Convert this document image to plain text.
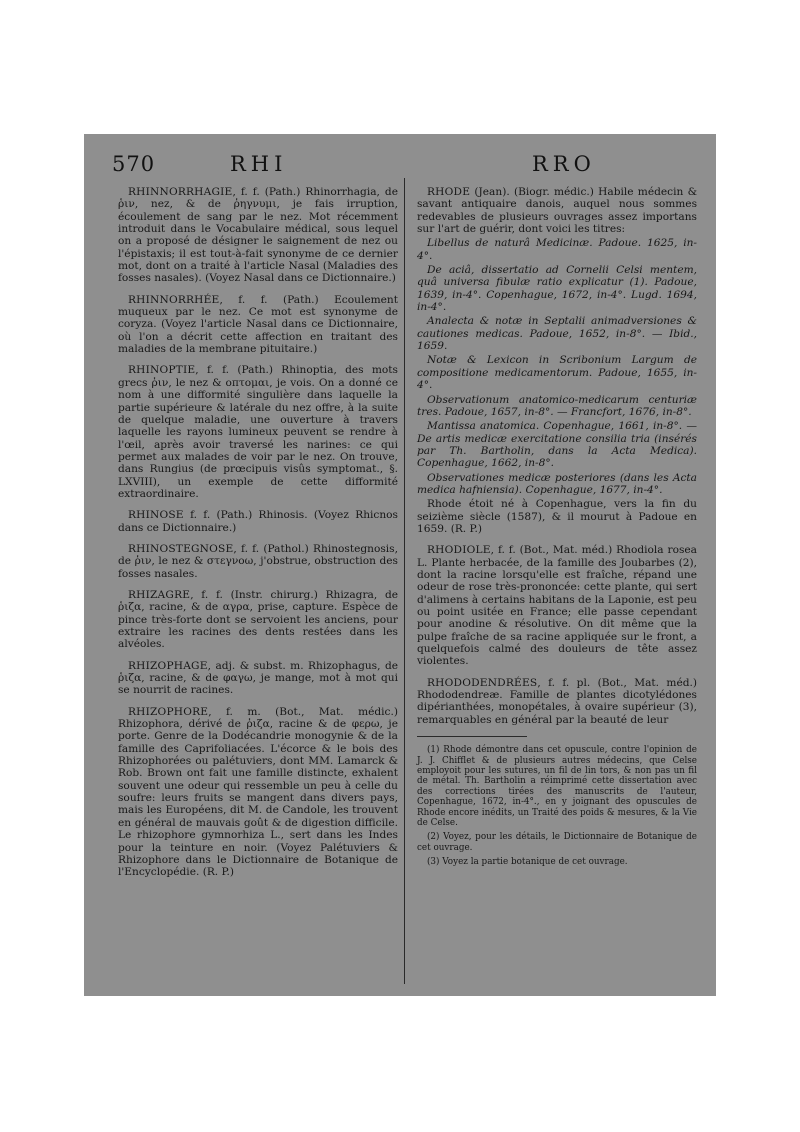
570	RHI	RRO
RHINNORRHAGIE, f. f. (Path.) Rhinorrhagia, de ῥιν, nez, & de ῥηγνυμι, je fais irruption, écoulement de sang par le nez. Mot récemment introduit dans le Vocabulaire médical, sous lequel on a proposé de désigner le saignement de nez ou l'épistaxis; il est tout-à-fait synonyme de ce dernier mot, dont on a traité à l'article Nasal (Maladies des fosses nasales). (Voyez Nasal dans ce Dictionnaire.)
RHINNORRHÉE, f. f. (Path.) Ecoulement muqueux par le nez. Ce mot est synonyme de coryza. (Voyez l'article Nasal dans ce Dictionnaire, où l'on a décrit cette affection en traitant des maladies de la membrane pituitaire.)
RHINOPTIE, f. f. (Path.) Rhinoptia, des mots grecs ῥιν, le nez & οπτομαι, je vois. On a donné ce nom à une difformité singulière dans laquelle la partie supérieure & latérale du nez offre, à la suite de quelque maladie, une ouverture à travers laquelle les rayons lumineux peuvent se rendre à l'œil, après avoir traversé les narines: ce qui permet aux malades de voir par le nez. On trouve, dans Rungius (de prœcipuis visûs symptomat., §. LXVIII), un exemple de cette difformité extraordinaire.
RHINOSE f. f. (Path.) Rhinosis. (Voyez Rhicnos dans ce Dictionnaire.)
RHINOSTEGNOSE, f. f. (Pathol.) Rhinostegnosis, de ῥιν, le nez & στεγνοω, j'obstrue, obstruction des fosses nasales.
RHIZAGRE, f. f. (Instr. chirurg.) Rhizagra, de ῥιζα, racine, & de αγρα, prise, capture. Espèce de pince très-forte dont se servoient les anciens, pour extraire les racines des dents restées dans les alvéoles.
RHIZOPHAGE, adj. & subst. m. Rhizophagus, de ῥιζα, racine, & de φαγω, je mange, mot à mot qui se nourrit de racines.
RHIZOPHORE, f. m. (Bot., Mat. médic.) Rhizophora, dérivé de ῥιζα, racine & de φερω, je porte. Genre de la Dodécandrie monogynie & de la famille des Caprifoliacées. L'écorce & le bois des Rhizophorées ou palétuviers, dont MM. Lamarck & Rob. Brown ont fait une famille distincte, exhalent souvent une odeur qui ressemble un peu à celle du soufre: leurs fruits se mangent dans divers pays, mais les Européens, dit M. de Candole, les trouvent en général de mauvais goût & de digestion difficile. Le rhizophore gymnorhiza L., sert dans les Indes pour la teinture en noir. (Voyez Palétuviers & Rhizophore dans le Dictionnaire de Botanique de l'Encyclopédie. (R. P.)

RHODE (Jean). (Biogr. médic.) Habile médecin & savant antiquaire danois, auquel nous sommes redevables de plusieurs ouvrages assez importans sur l'art de guérir, dont voici les titres:

Libellus de naturâ Medicinæ. Padoue. 1625, in-4°.

De aciâ, dissertatio ad Cornelii Celsi mentem, quâ universa fibulæ ratio explicatur (1). Padoue, 1639, in-4°. Copenhague, 1672, in-4°. Lugd. 1694, in-4°.

Analecta & notæ in Septalii animadversiones & cautiones medicas. Padoue, 1652, in-8°. — Ibid., 1659.

Notæ & Lexicon in Scribonium Largum de compositione medicamentorum. Padoue, 1655, in-4°.

Observationum anatomico-medicarum centuriæ tres. Padoue, 1657, in-8°. — Francfort, 1676, in-8°.

Mantissa anatomica. Copenhague, 1661, in-8°. — De artis medicæ exercitatione consilia tria (insérés par Th. Bartholin, dans la Acta Medica). Copenhague, 1662, in-8°.

Observationes medicæ posteriores (dans les Acta medica hafniensia). Copenhague, 1677, in-4°.

Rhode étoit né à Copenhague, vers la fin du seizième siècle (1587), & il mourut à Padoue en 1659. (R. P.)

RHODIOLE, f. f. (Bot., Mat. méd.) Rhodiola rosea L. Plante herbacée, de la famille des Joubarbes (2), dont la racine lorsqu'elle est fraîche, répand une odeur de rose très-prononcée: cette plante, qui sert d'alimens à certains habitans de la Laponie, est peu ou point usitée en France; elle passe cependant pour anodine & résolutive. On dit même que la pulpe fraîche de sa racine appliquée sur le front, a quelquefois calmé des douleurs de tête assez violentes.
RHODODENDRÉES, f. f. pl. (Bot., Mat. méd.) Rhododendreæ. Famille de plantes dicotylédones dipérianthées, monopétales, à ovaire supérieur (3), remarquables en général par la beauté de leur

(1) Rhode démontre dans cet opuscule, contre l'opinion de J. J. Chifflet & de plusieurs autres médecins, que Celse employoit pour les sutures, un fil de lin tors, & non pas un fil de métal. Th. Bartholin a réimprimé cette dissertation avec des corrections tirées des manuscrits de l'auteur, Copenhague, 1672, in-4°., en y joignant des opuscules de Rhode encore inédits, un Traité des poids & mesures, & la Vie de Celse.

(2) Voyez, pour les détails, le Dictionnaire de Botanique de cet ouvrage.

(3) Voyez la partie botanique de cet ouvrage.
